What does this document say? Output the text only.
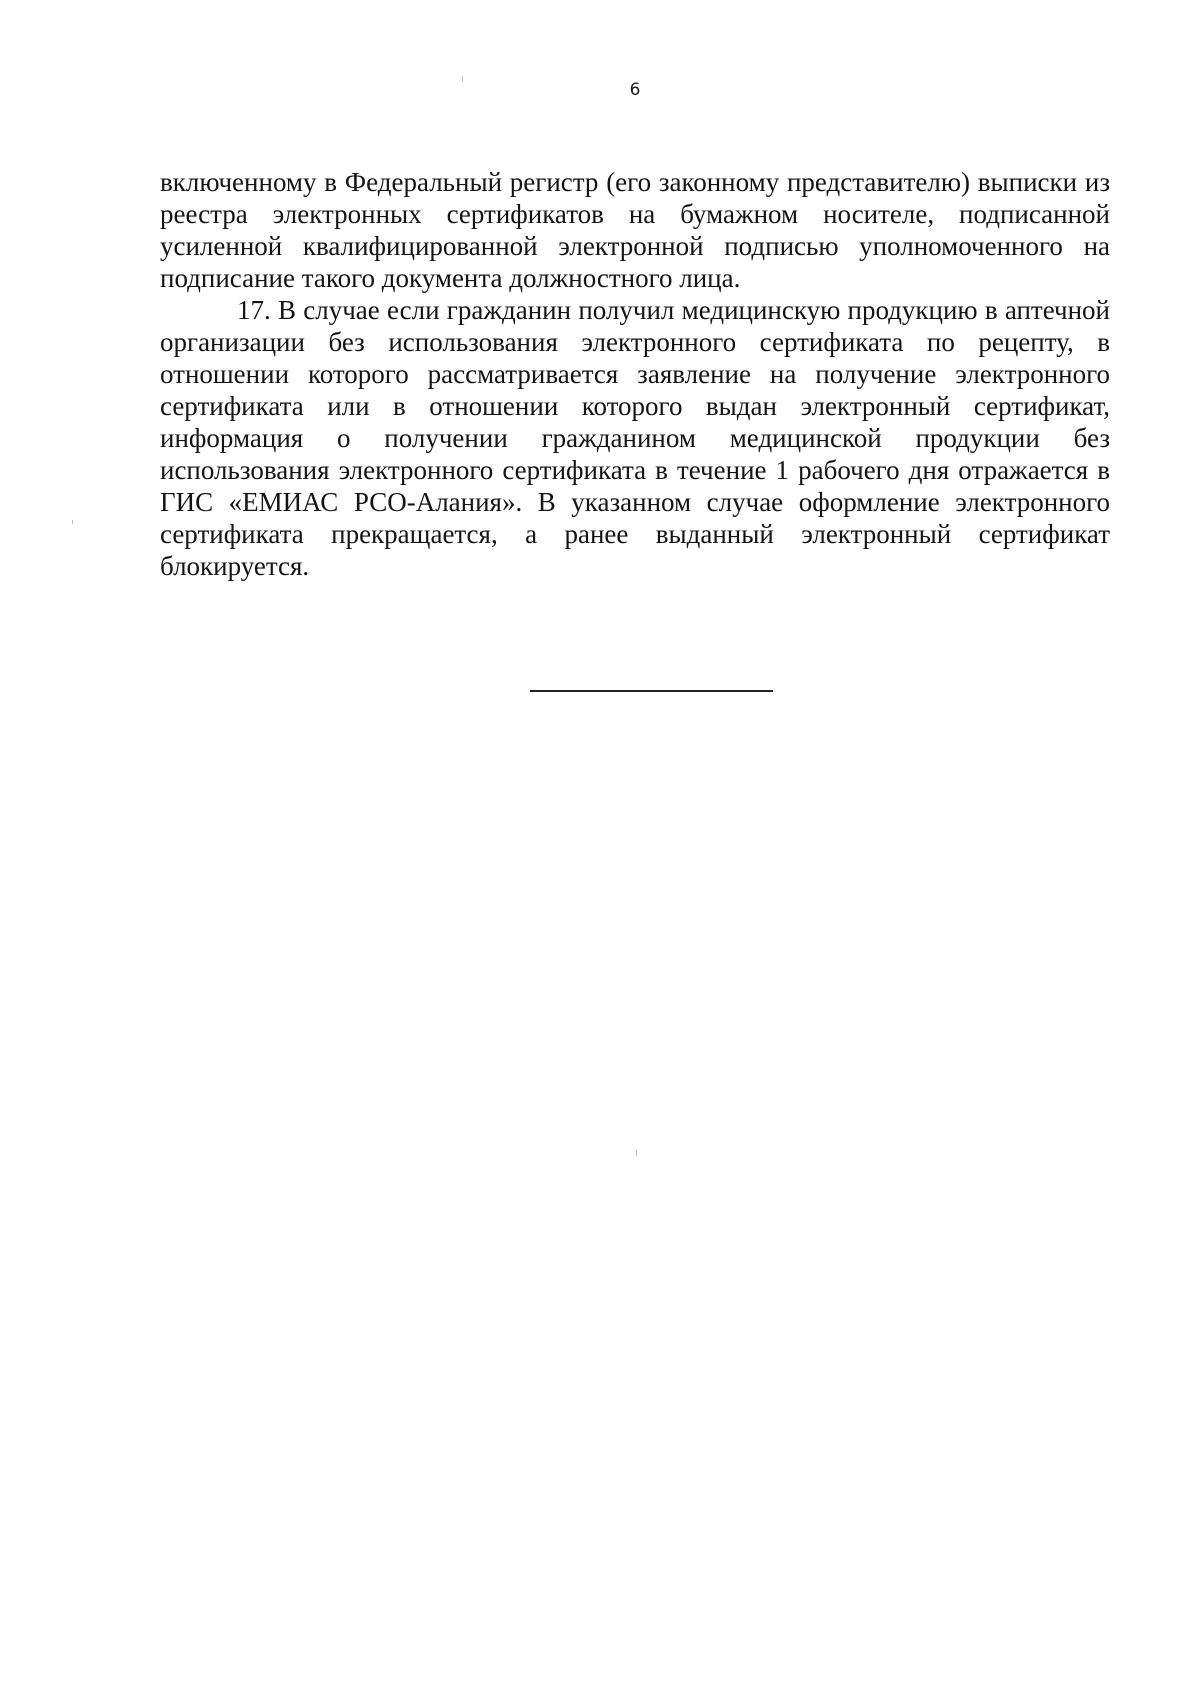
6

включенному в Федеральный регистр (его законному представителю) выписки из реестра электронных сертификатов на бумажном носителе, подписанной усиленной квалифицированной электронной подписью уполномоченного на подписание такого документа должностного лица.

17. В случае если гражданин получил медицинскую продукцию в аптечной организации без использования электронного сертификата по рецепту, в отношении которого рассматривается заявление на получение электронного сертификата или в отношении которого выдан электронный сертификат, информация о получении гражданином медицинской продукции без использования электронного сертификата в течение 1 рабочего дня отражается в ГИС «ЕМИАС РСО-Алания». В указанном случае оформление электронного сертификата прекращается, а ранее выданный электронный сертификат блокируется.
